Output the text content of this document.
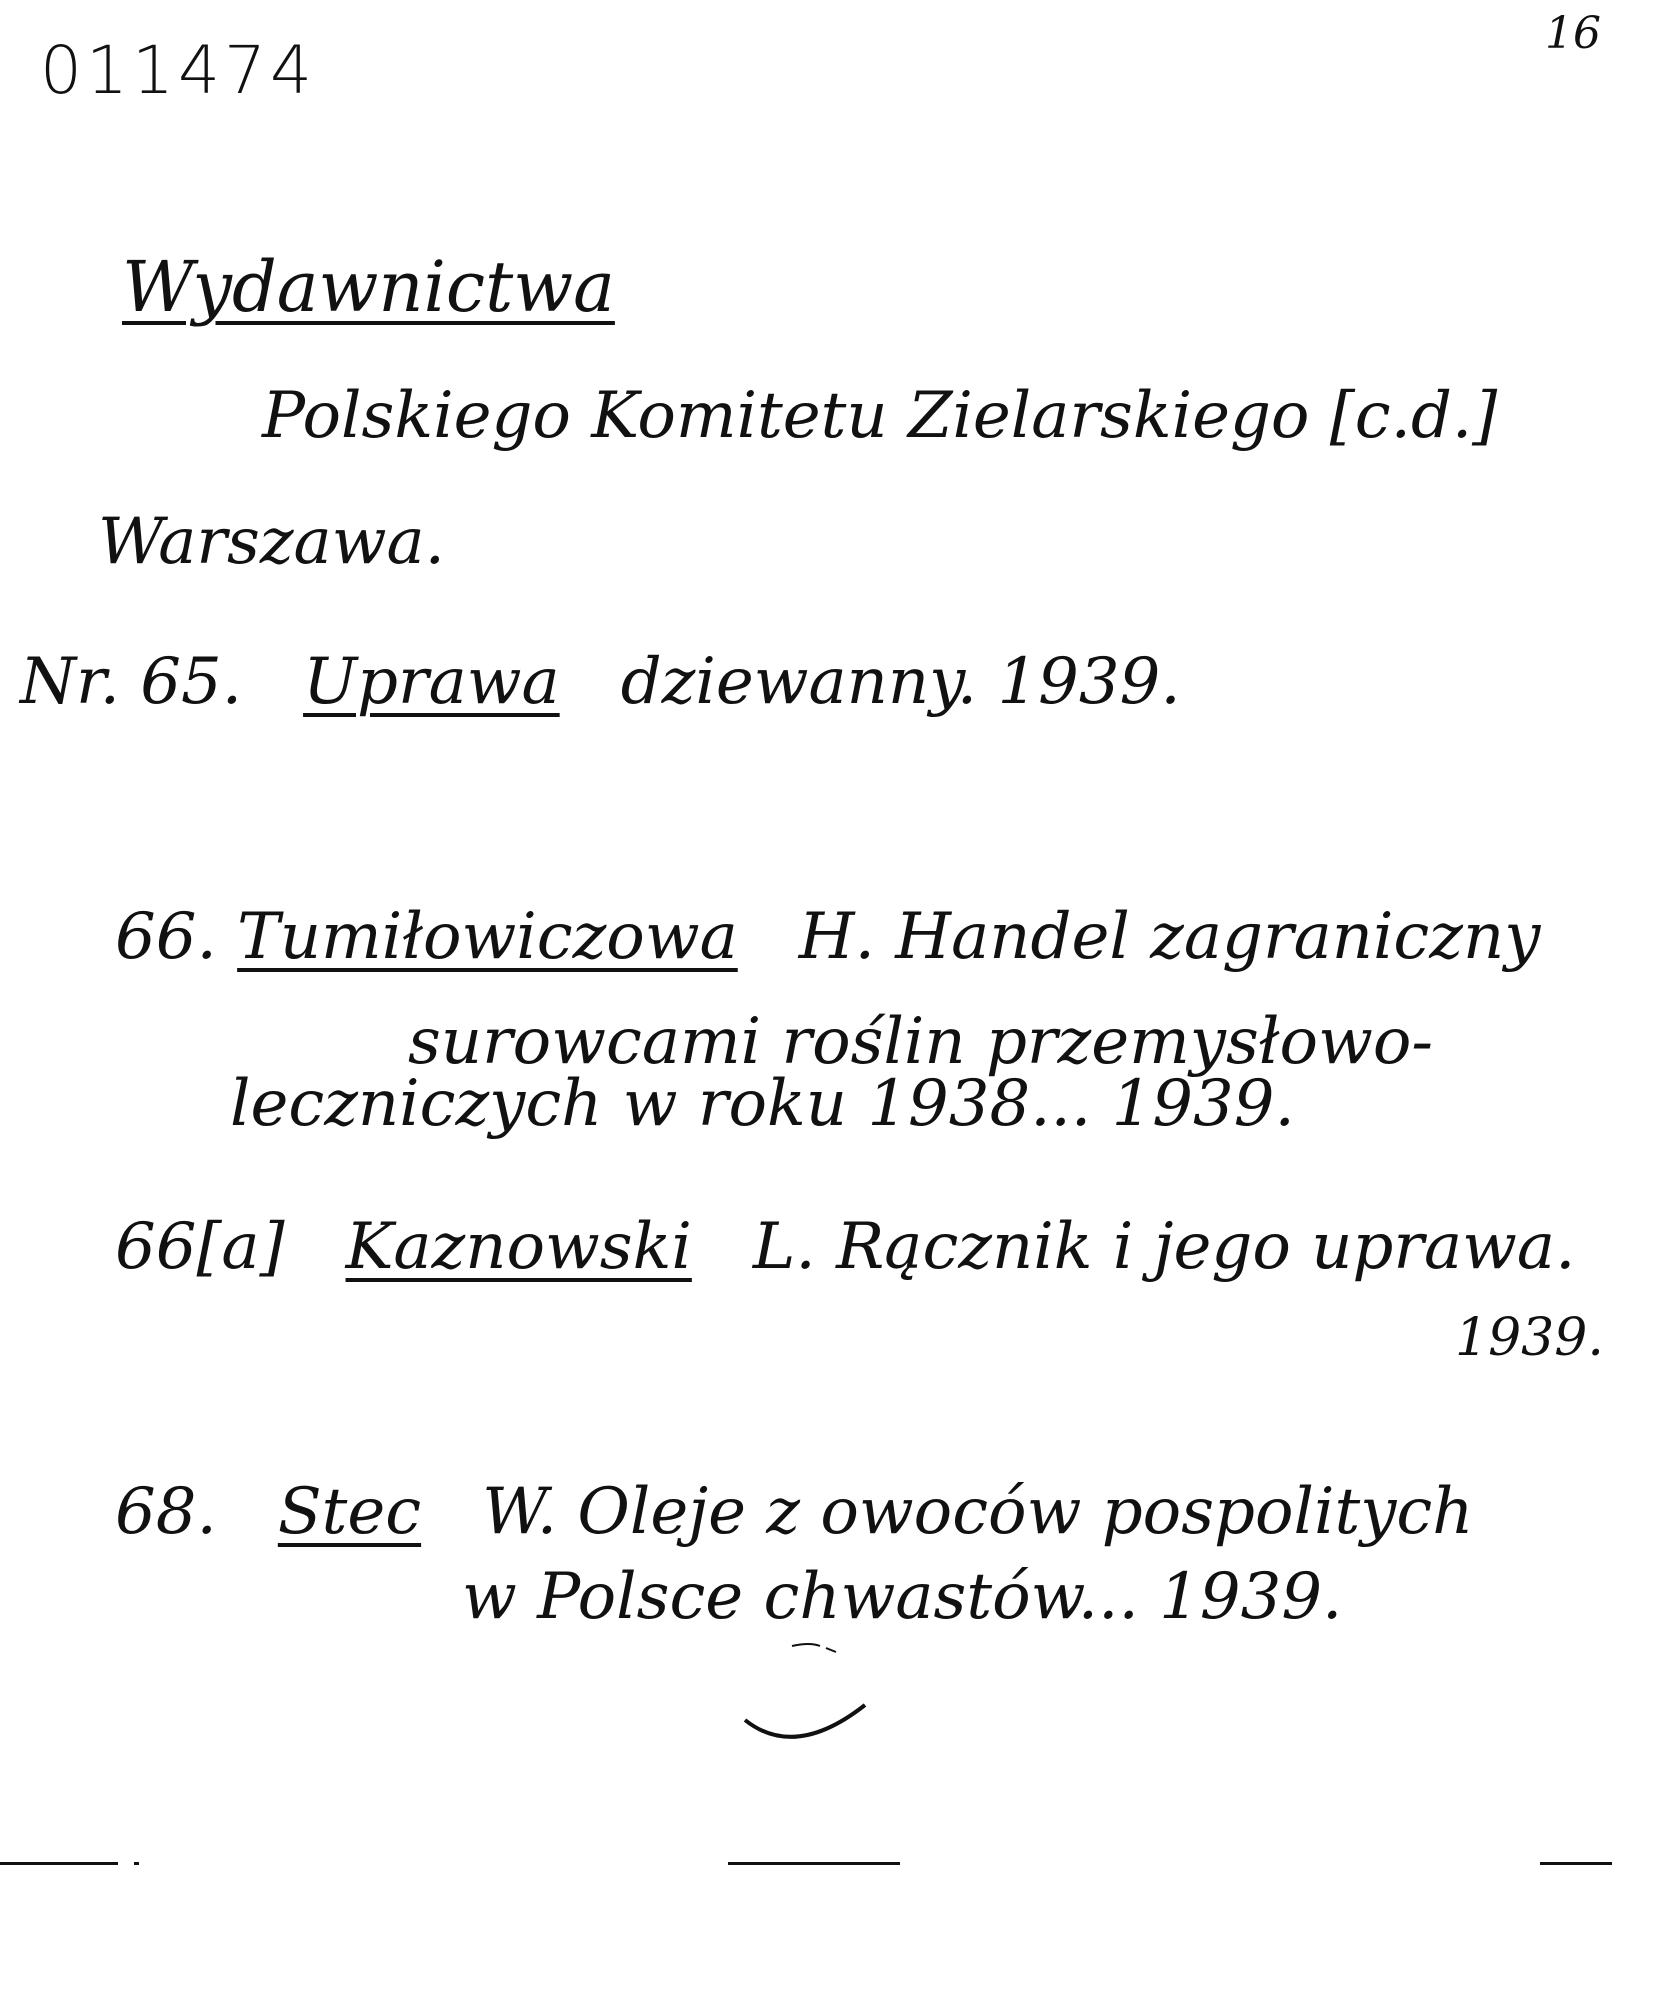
011474	16
Wydawnictwa
Polskiego Komitetu Zielarskiego [c.d.]
Warszawa.
Nr. 65. Uprawa dziewanny. 1939.
66. Tumiłowiczowa H. Handel zagraniczny
surowcami roślin przemysłowo-
leczniczych w roku 1938... 1939.
66[a] Kaznowski L. Rącznik i jego uprawa.
1939.
68. Stec W. Oleje z owoców pospolitych
w Polsce chwastów... 1939.
